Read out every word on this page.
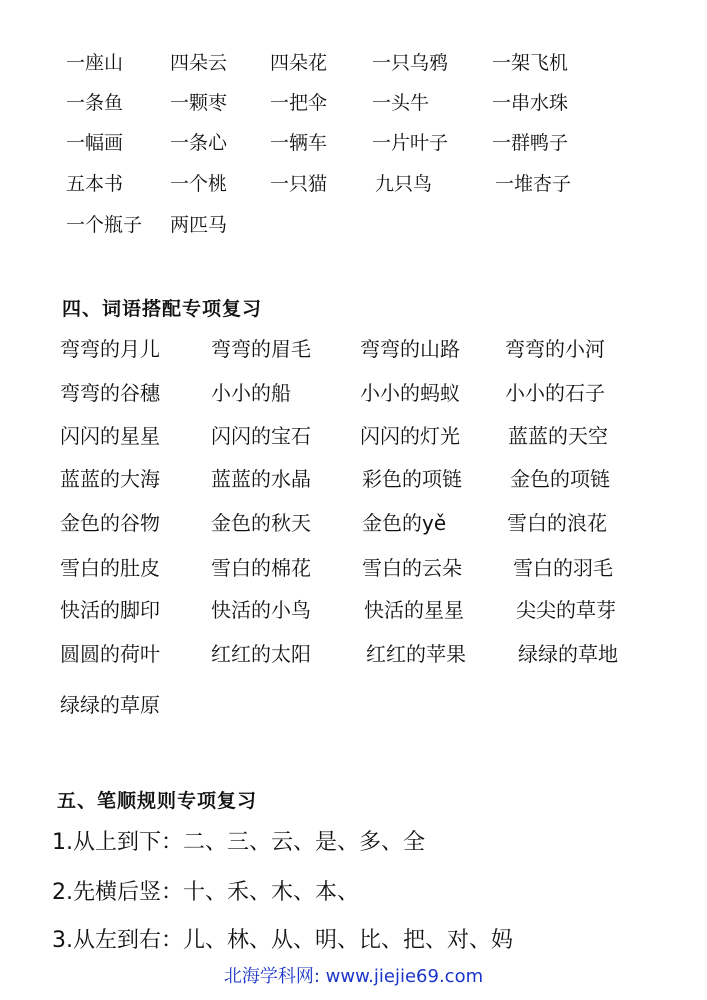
一座山 四朵云 四朵花 一只乌鸦 一架飞机
一条鱼 一颗枣 一把伞 一头牛	一串水珠
一幅画 一条心 一辆车 一片叶子 一群鸭子
五本书 一个桃 一只猫	九只鸟	一堆杏子
一个瓶子 两匹马
四、词语搭配专项复习
弯弯的月儿	弯弯的眉毛 弯弯的山路 弯弯的小河
弯弯的谷穗	小小的船	小小的蚂蚁 小小的石子
闪闪的星星	闪闪的宝石 闪闪的灯光 蓝蓝的天空
蓝蓝的大海	蓝蓝的水晶	彩色的项链 金色的项链
金色的谷物	金色的秋天	金色的yě	雪白的浪花
雪白的肚皮	雪白的棉花	雪白的云朵	雪白的羽毛
快活的脚印	快活的小鸟	快活的星星	尖尖的草芽
圆圆的荷叶	红红的太阳	红红的苹果	绿绿的草地
绿绿的草原
五、笔顺规则专项复习
1.从上到下：二、三、云、是、多、全
2.先横后竖：十、禾、木、本、
3.从左到右：儿、林、从、明、比、把、对、妈
北海学科网: www.jiejie69.com
